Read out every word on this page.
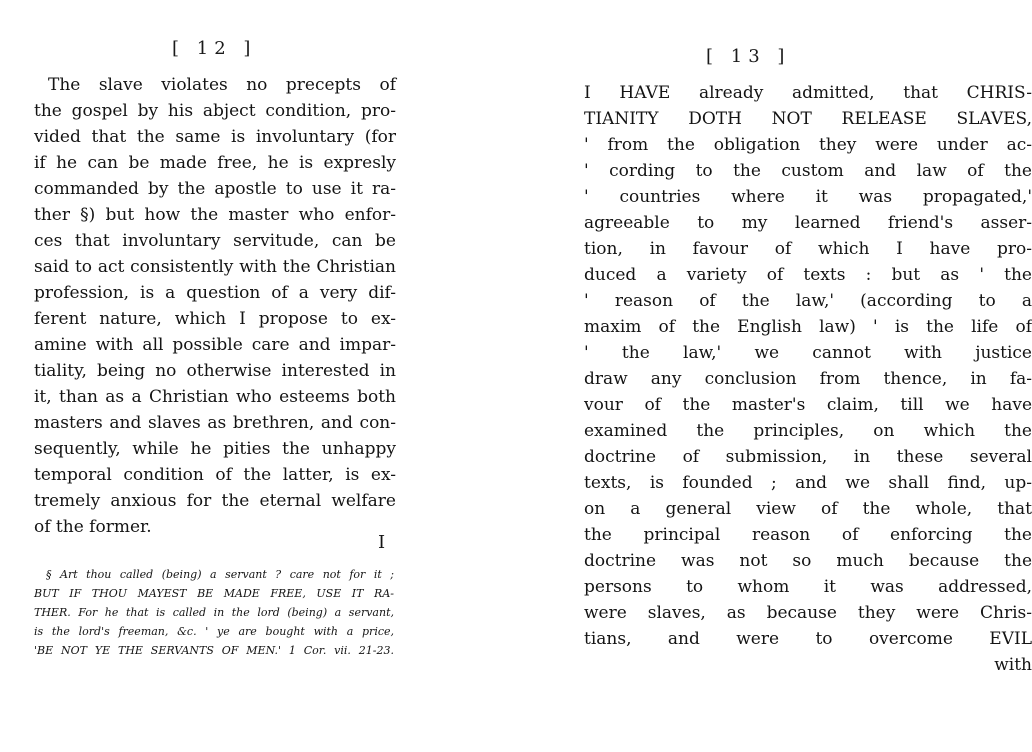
[ 12 ]
The slave violates no precepts of
the gospel by his abject condition, pro-
vided that the same is involuntary (for
if he can be made free, he is expresly
commanded by the apostle to use it ra-
ther §) but how the master who enfor-
ces that involuntary servitude, can be
said to act consistently with the Christian
profession, is a question of a very dif-
ferent nature, which I propose to ex-
amine with all possible care and impar-
tiality, being no otherwise interested in
it, than as a Christian who esteems both
masters and slaves as brethren, and con-
sequently, while he pities the unhappy
temporal condition of the latter, is ex-
tremely anxious for the eternal welfare
of the former.
I
§ Art thou called (being) a servant ? care not for it ;
BUT IF THOU MAYEST BE MADE FREE, USE IT RA-
THER. For he that is called in the lord (being) a servant,
is the lord's freeman, &c. ' ye are bought with a price,
'BE NOT YE THE SERVANTS OF MEN.' 1 Cor. vii. 21-23.
[ 13 ]
I HAVE already admitted, that CHRIS-
TIANITY DOTH NOT RELEASE SLAVES,
' from the obligation they were under ac-
' cording to the custom and law of the
' countries where it was propagated,'
agreeable to my learned friend's asser-
tion, in favour of which I have pro-
duced a variety of texts : but as ' the
' reason of the law,' (according to a
maxim of the English law) ' is the life of
' the law,' we cannot with justice
draw any conclusion from thence, in fa-
vour of the master's claim, till we have
examined the principles, on which the
doctrine of submission, in these several
texts, is founded ; and we shall find, up-
on a general view of the whole, that
the principal reason of enforcing the
doctrine was not so much because the
persons to whom it was addressed,
were slaves, as because they were Chris-
tians, and were to overcome EVIL
with
